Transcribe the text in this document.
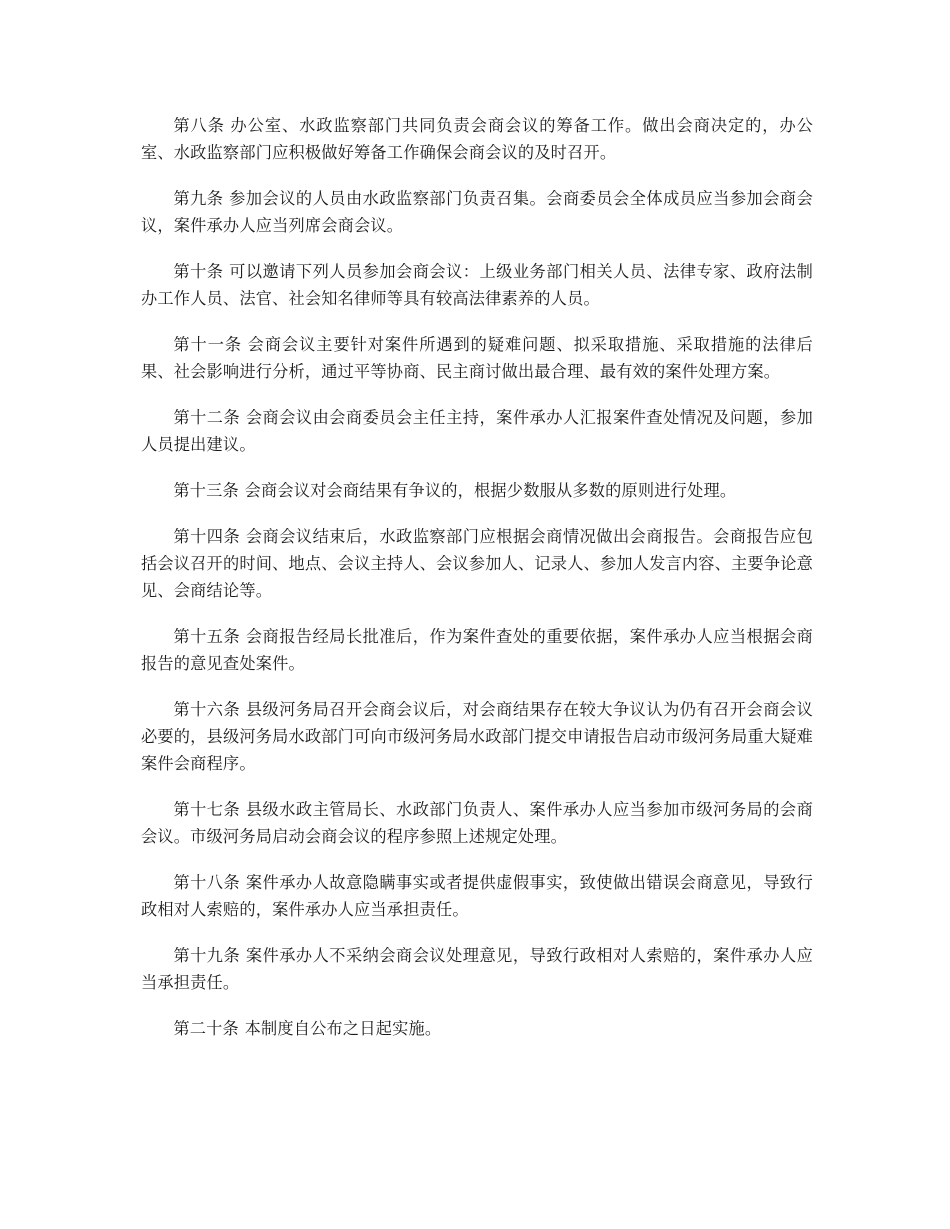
第八条 办公室、水政监察部门共同负责会商会议的筹备工作。做出会商决定的，办公室、水政监察部门应积极做好筹备工作确保会商会议的及时召开。

第九条 参加会议的人员由水政监察部门负责召集。会商委员会全体成员应当参加会商会议，案件承办人应当列席会商会议。

第十条 可以邀请下列人员参加会商会议：上级业务部门相关人员、法律专家、政府法制办工作人员、法官、社会知名律师等具有较高法律素养的人员。

第十一条 会商会议主要针对案件所遇到的疑难问题、拟采取措施、采取措施的法律后果、社会影响进行分析，通过平等协商、民主商讨做出最合理、最有效的案件处理方案。

第十二条 会商会议由会商委员会主任主持，案件承办人汇报案件查处情况及问题，参加人员提出建议。

第十三条 会商会议对会商结果有争议的，根据少数服从多数的原则进行处理。

第十四条 会商会议结束后，水政监察部门应根据会商情况做出会商报告。会商报告应包括会议召开的时间、地点、会议主持人、会议参加人、记录人、参加人发言内容、主要争论意见、会商结论等。

第十五条 会商报告经局长批准后，作为案件查处的重要依据，案件承办人应当根据会商报告的意见查处案件。

第十六条 县级河务局召开会商会议后，对会商结果存在较大争议认为仍有召开会商会议必要的，县级河务局水政部门可向市级河务局水政部门提交申请报告启动市级河务局重大疑难案件会商程序。

第十七条 县级水政主管局长、水政部门负责人、案件承办人应当参加市级河务局的会商会议。市级河务局启动会商会议的程序参照上述规定处理。

第十八条 案件承办人故意隐瞒事实或者提供虚假事实，致使做出错误会商意见，导致行政相对人索赔的，案件承办人应当承担责任。

第十九条 案件承办人不采纳会商会议处理意见，导致行政相对人索赔的，案件承办人应当承担责任。

第二十条 本制度自公布之日起实施。
